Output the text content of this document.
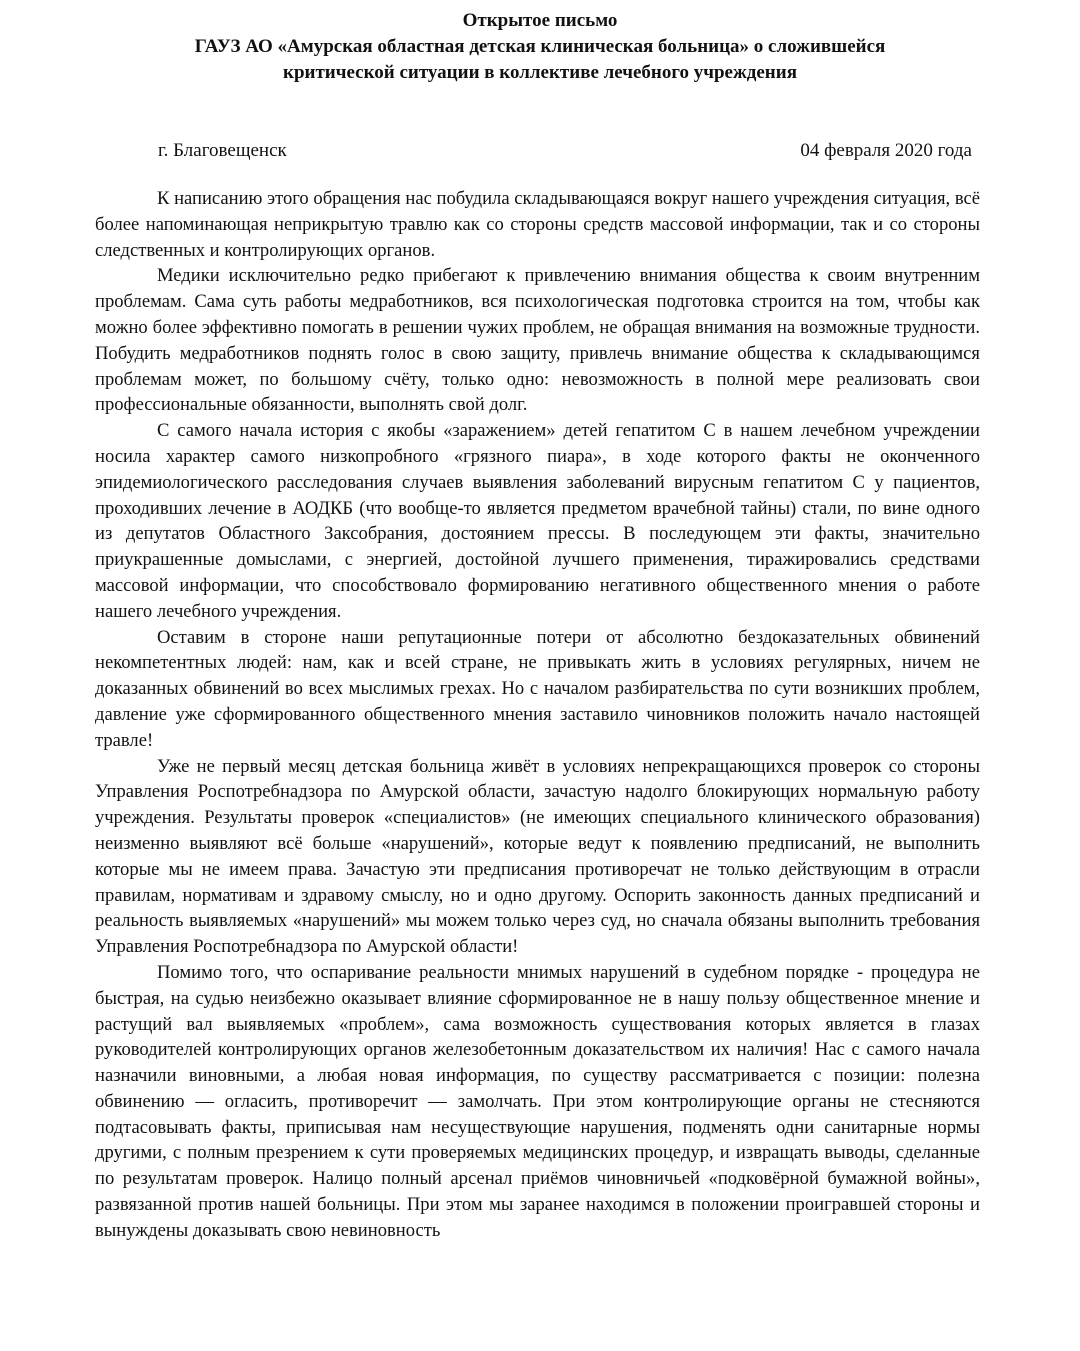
Открытое письмо
ГАУЗ АО «Амурская областная детская клиническая больница» о сложившейся
критической ситуации в коллективе лечебного учреждения
г. Благовещенск	04 февраля 2020 года

К написанию этого обращения нас побудила складывающаяся вокруг нашего учреждения ситуация, всё более напоминающая неприкрытую травлю как со стороны средств массовой информации, так и со стороны следственных и контролирующих органов.

Медики исключительно редко прибегают к привлечению внимания общества к своим внутренним проблемам. Сама суть работы медработников, вся психологическая подготовка строится на том, чтобы как можно более эффективно помогать в решении чужих проблем, не обращая внимания на возможные трудности. Побудить медработников поднять голос в свою защиту, привлечь внимание общества к складывающимся проблемам может, по большому счёту, только одно: невозможность в полной мере реализовать свои профессиональные обязанности, выполнять свой долг.

С самого начала история с якобы «заражением» детей гепатитом С в нашем лечебном учреждении носила характер самого низкопробного «грязного пиара», в ходе которого факты не оконченного эпидемиологического расследования случаев выявления заболеваний вирусным гепатитом С у пациентов, проходивших лечение в АОДКБ (что вообще-то является предметом врачебной тайны) стали, по вине одного из депутатов Областного Заксобрания, достоянием прессы. В последующем эти факты, значительно приукрашенные домыслами, с энергией, достойной лучшего применения, тиражировались средствами массовой информации, что способствовало формированию негативного общественного мнения о работе нашего лечебного учреждения.

Оставим в стороне наши репутационные потери от абсолютно бездоказательных обвинений некомпетентных людей: нам, как и всей стране, не привыкать жить в условиях регулярных, ничем не доказанных обвинений во всех мыслимых грехах. Но с началом разбирательства по сути возникших проблем, давление уже сформированного общественного мнения заставило чиновников положить начало настоящей травле!

Уже не первый месяц детская больница живёт в условиях непрекращающихся проверок со стороны Управления Роспотребнадзора по Амурской области, зачастую надолго блокирующих нормальную работу учреждения. Результаты проверок «специалистов» (не имеющих специального клинического образования) неизменно выявляют всё больше «нарушений», которые ведут к появлению предписаний, не выполнить которые мы не имеем права. Зачастую эти предписания противоречат не только действующим в отрасли правилам, нормативам и здравому смыслу, но и одно другому. Оспорить законность данных предписаний и реальность выявляемых «нарушений» мы можем только через суд, но сначала обязаны выполнить требования Управления Роспотребнадзора по Амурской области!

Помимо того, что оспаривание реальности мнимых нарушений в судебном порядке - процедура не быстрая, на судью неизбежно оказывает влияние сформированное не в нашу пользу общественное мнение и растущий вал выявляемых «проблем», сама возможность существования которых является в глазах руководителей контролирующих органов железобетонным доказательством их наличия! Нас с самого начала назначили виновными, а любая новая информация, по существу рассматривается с позиции: полезна обвинению — огласить, противоречит — замолчать. При этом контролирующие органы не стесняются подтасовывать факты, приписывая нам несуществующие нарушения, подменять одни санитарные нормы другими, с полным презрением к сути проверяемых медицинских процедур, и извращать выводы, сделанные по результатам проверок. Налицо полный арсенал приёмов чиновничьей «подковёрной бумажной войны», развязанной против нашей больницы. При этом мы заранее находимся в положении проигравшей стороны и вынуждены доказывать свою невиновность
